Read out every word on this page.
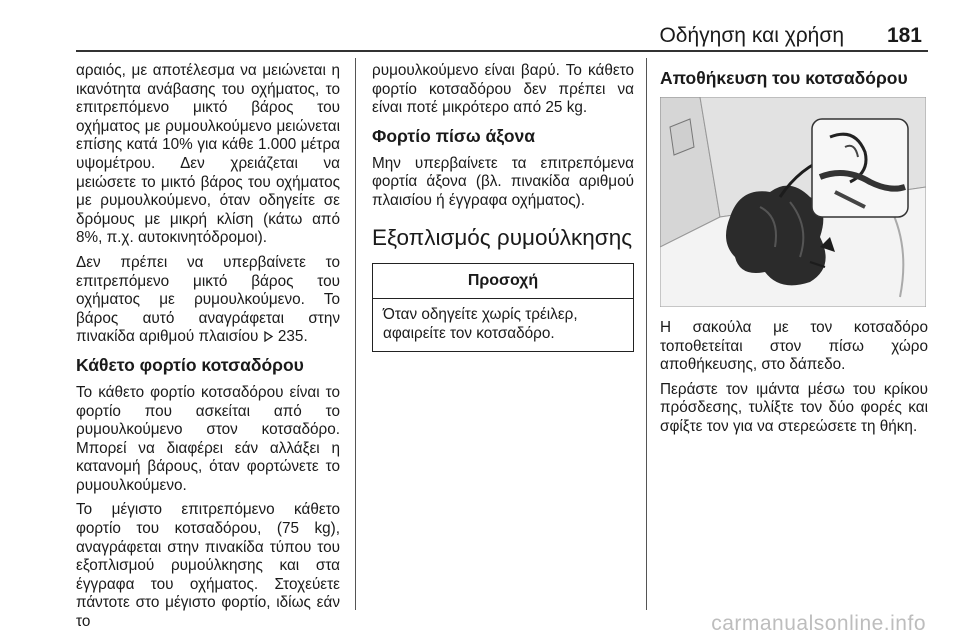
Οδήγηση και χρήση 181

αραιός, με αποτέλεσμα να μειώνεται η ικανότητα ανάβασης του οχήματος, το επιτρεπόμενο μικτό βάρος του οχήματος με ρυμουλκούμενο μειώνεται επίσης κατά 10% για κάθε 1.000 μέτρα υψομέτρου. Δεν χρειάζεται να μειώσετε το μικτό βάρος του οχήματος με ρυμουλκούμενο, όταν οδηγείτε σε δρόμους με μικρή κλίση (κάτω από 8%, π.χ. αυτοκινητόδρομοι).

Δεν πρέπει να υπερβαίνετε το επιτρεπόμενο μικτό βάρος του οχήματος με ρυμουλκούμενο. Το βάρος αυτό αναγράφεται στην πινακίδα αριθμού πλαισίου 235.

Κάθετο φορτίο κοτσαδόρου

Το κάθετο φορτίο κοτσαδόρου είναι το φορτίο που ασκείται από το ρυμουλκούμενο στον κοτσαδόρο. Μπορεί να διαφέρει εάν αλλάξει η κατανομή βάρους, όταν φορτώνετε το ρυμουλκούμενο.

Το μέγιστο επιτρεπόμενο κάθετο φορτίο του κοτσαδόρου, (75 kg), αναγράφεται στην πινακίδα τύπου του εξοπλισμού ρυμούλκησης και στα έγγραφα του οχήματος. Στοχεύετε πάντοτε στο μέγιστο φορτίο, ιδίως εάν το

ρυμουλκούμενο είναι βαρύ. Το κάθετο φορτίο κοτσαδόρου δεν πρέπει να είναι ποτέ μικρότερο από 25 kg.

Φορτίο πίσω άξονα

Μην υπερβαίνετε τα επιτρεπόμενα φορτία άξονα (βλ. πινακίδα αριθμού πλαισίου ή έγγραφα οχήματος).

Εξοπλισμός ρυμούλκησης
Προσοχή
Όταν οδηγείτε χωρίς τρέιλερ, αφαιρείτε τον κοτσαδόρο.
Αποθήκευση του κοτσαδόρου

Η σακούλα με τον κοτσαδόρο τοποθετείται στον πίσω χώρο αποθήκευσης, στο δάπεδο.

Περάστε τον ιμάντα μέσω του κρίκου πρόσδεσης, τυλίξτε τον δύο φορές και σφίξτε τον για να στερεώσετε τη θήκη.

carmanualsonline.info
